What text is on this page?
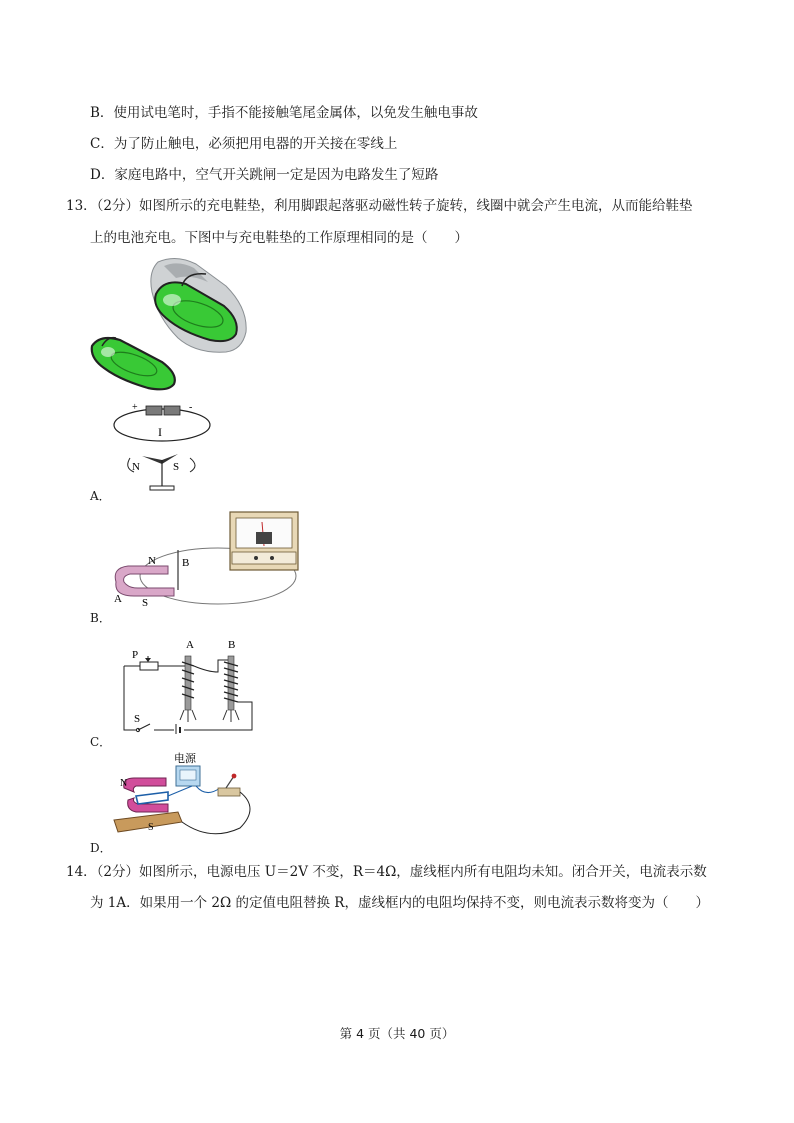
B．使用试电笔时，手指不能接触笔尾金属体，以免发生触电事故
C．为了防止触电，必须把用电器的开关接在零线上
D．家庭电路中，空气开关跳闸一定是因为电路发生了短路
13．（2分）如图所示的充电鞋垫，利用脚跟起落驱动磁性转子旋转，线圈中就会产生电流，从而能给鞋垫
上的电池充电。下图中与充电鞋垫的工作原理相同的是（　　）
+	-
I
N	S
A．
N B
A S
B．
P
A	B
S
C．
电源
N
S
D．
14．（2分）如图所示，电源电压 U＝2V 不变，R＝4Ω，虚线框内所有电阻均未知。闭合开关，电流表示数
为 1A．如果用一个 2Ω 的定值电阻替换 R，虚线框内的电阻均保持不变，则电流表示数将变为（　　）
第 4 页（共 40 页）
